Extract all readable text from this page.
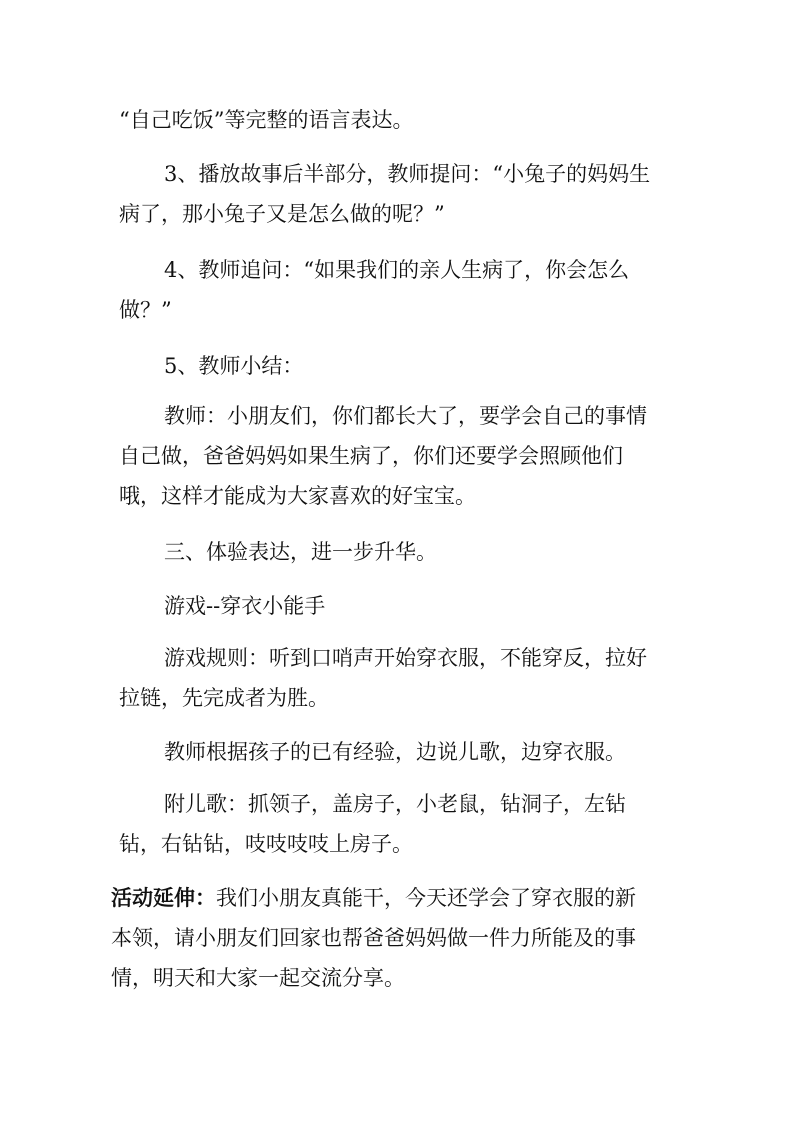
“自己吃饭”等完整的语言表达。
3、播放故事后半部分，教师提问：“小兔子的妈妈生
病了，那小兔子又是怎么做的呢？”
4、教师追问：“如果我们的亲人生病了，你会怎么
做？”
5、教师小结：
教师：小朋友们，你们都长大了，要学会自己的事情
自己做，爸爸妈妈如果生病了，你们还要学会照顾他们
哦，这样才能成为大家喜欢的好宝宝。
三、体验表达，进一步升华。
游戏--穿衣小能手
游戏规则：听到口哨声开始穿衣服，不能穿反，拉好
拉链，先完成者为胜。
教师根据孩子的已有经验，边说儿歌，边穿衣服。
附儿歌：抓领子，盖房子，小老鼠，钻洞子，左钻
钻，右钻钻，吱吱吱吱上房子。
活动延伸：我们小朋友真能干，今天还学会了穿衣服的新
本领，请小朋友们回家也帮爸爸妈妈做一件力所能及的事
情，明天和大家一起交流分享。
